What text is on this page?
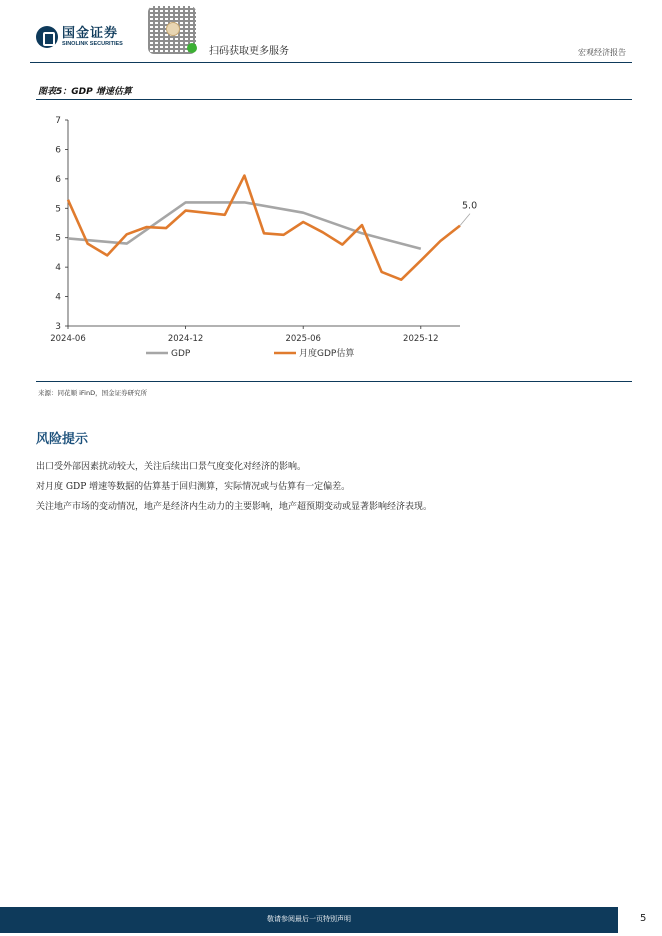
国金证券
SINOLINK SECURITIES
扫码获取更多服务	宏观经济报告
图表5：GDP 增速估算
3
4
4
5
5
6
6
7
2024-06	2024-12	2025-06	2025-12
5.0
GDP	月度GDP估算
来源：同花顺 iFinD，国金证券研究所
风险提示
出口受外部因素扰动较大，关注后续出口景气度变化对经济的影响。
对月度 GDP 增速等数据的估算基于回归测算，实际情况或与估算有一定偏差。
关注地产市场的变动情况，地产是经济内生动力的主要影响，地产超预期变动或显著影响经济表现。
敬请参阅最后一页特别声明	5
